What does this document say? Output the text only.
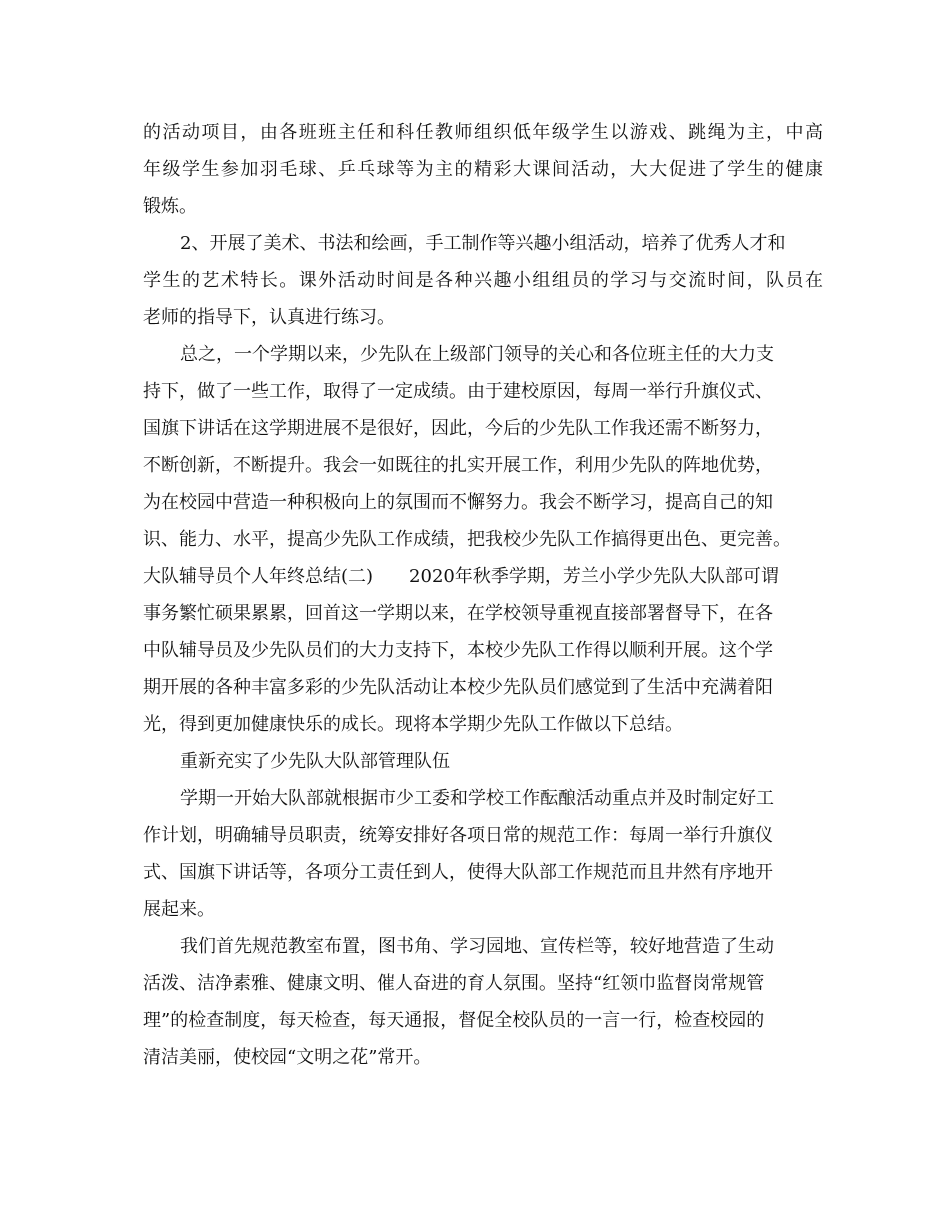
的活动项目，由各班班主任和科任教师组织低年级学生以游戏、跳绳为主，中高
年级学生参加羽毛球、乒乓球等为主的精彩大课间活动，大大促进了学生的健康
锻炼。
2、开展了美术、书法和绘画，手工制作等兴趣小组活动，培养了优秀人才和
学生的艺术特长。课外活动时间是各种兴趣小组组员的学习与交流时间，队员在
老师的指导下，认真进行练习。
总之，一个学期以来，少先队在上级部门领导的关心和各位班主任的大力支
持下，做了一些工作，取得了一定成绩。由于建校原因，每周一举行升旗仪式、
国旗下讲话在这学期进展不是很好，因此，今后的少先队工作我还需不断努力，
不断创新，不断提升。我会一如既往的扎实开展工作，利用少先队的阵地优势，
为在校园中营造一种积极向上的氛围而不懈努力。我会不断学习，提高自己的知
识、能力、水平，提高少先队工作成绩，把我校少先队工作搞得更出色、更完善。
大队辅导员个人年终总结(二)　　2020年秋季学期，芳兰小学少先队大队部可谓
事务繁忙硕果累累，回首这一学期以来，在学校领导重视直接部署督导下，在各
中队辅导员及少先队员们的大力支持下，本校少先队工作得以顺利开展。这个学
期开展的各种丰富多彩的少先队活动让本校少先队员们感觉到了生活中充满着阳
光，得到更加健康快乐的成长。现将本学期少先队工作做以下总结。
重新充实了少先队大队部管理队伍
学期一开始大队部就根据市少工委和学校工作酝酿活动重点并及时制定好工
作计划，明确辅导员职责，统筹安排好各项日常的规范工作：每周一举行升旗仪
式、国旗下讲话等，各项分工责任到人，使得大队部工作规范而且井然有序地开
展起来。
我们首先规范教室布置，图书角、学习园地、宣传栏等，较好地营造了生动
活泼、洁净素雅、健康文明、催人奋进的育人氛围。坚持“红领巾监督岗常规管
理”的检查制度，每天检查，每天通报，督促全校队员的一言一行，检查校园的
清洁美丽，使校园“文明之花”常开。
